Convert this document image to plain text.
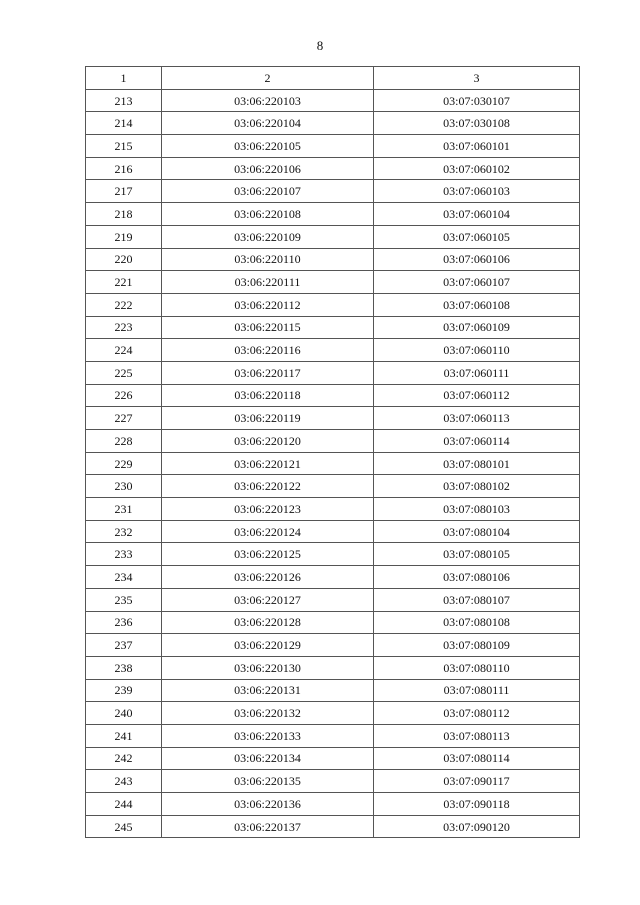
8
1	2	3
213	03:06:220103	03:07:030107
214	03:06:220104	03:07:030108
215	03:06:220105	03:07:060101
216	03:06:220106	03:07:060102
217	03:06:220107	03:07:060103
218	03:06:220108	03:07:060104
219	03:06:220109	03:07:060105
220	03:06:220110	03:07:060106
221	03:06:220111	03:07:060107
222	03:06:220112	03:07:060108
223	03:06:220115	03:07:060109
224	03:06:220116	03:07:060110
225	03:06:220117	03:07:060111
226	03:06:220118	03:07:060112
227	03:06:220119	03:07:060113
228	03:06:220120	03:07:060114
229	03:06:220121	03:07:080101
230	03:06:220122	03:07:080102
231	03:06:220123	03:07:080103
232	03:06:220124	03:07:080104
233	03:06:220125	03:07:080105
234	03:06:220126	03:07:080106
235	03:06:220127	03:07:080107
236	03:06:220128	03:07:080108
237	03:06:220129	03:07:080109
238	03:06:220130	03:07:080110
239	03:06:220131	03:07:080111
240	03:06:220132	03:07:080112
241	03:06:220133	03:07:080113
242	03:06:220134	03:07:080114
243	03:06:220135	03:07:090117
244	03:06:220136	03:07:090118
245	03:06:220137	03:07:090120
